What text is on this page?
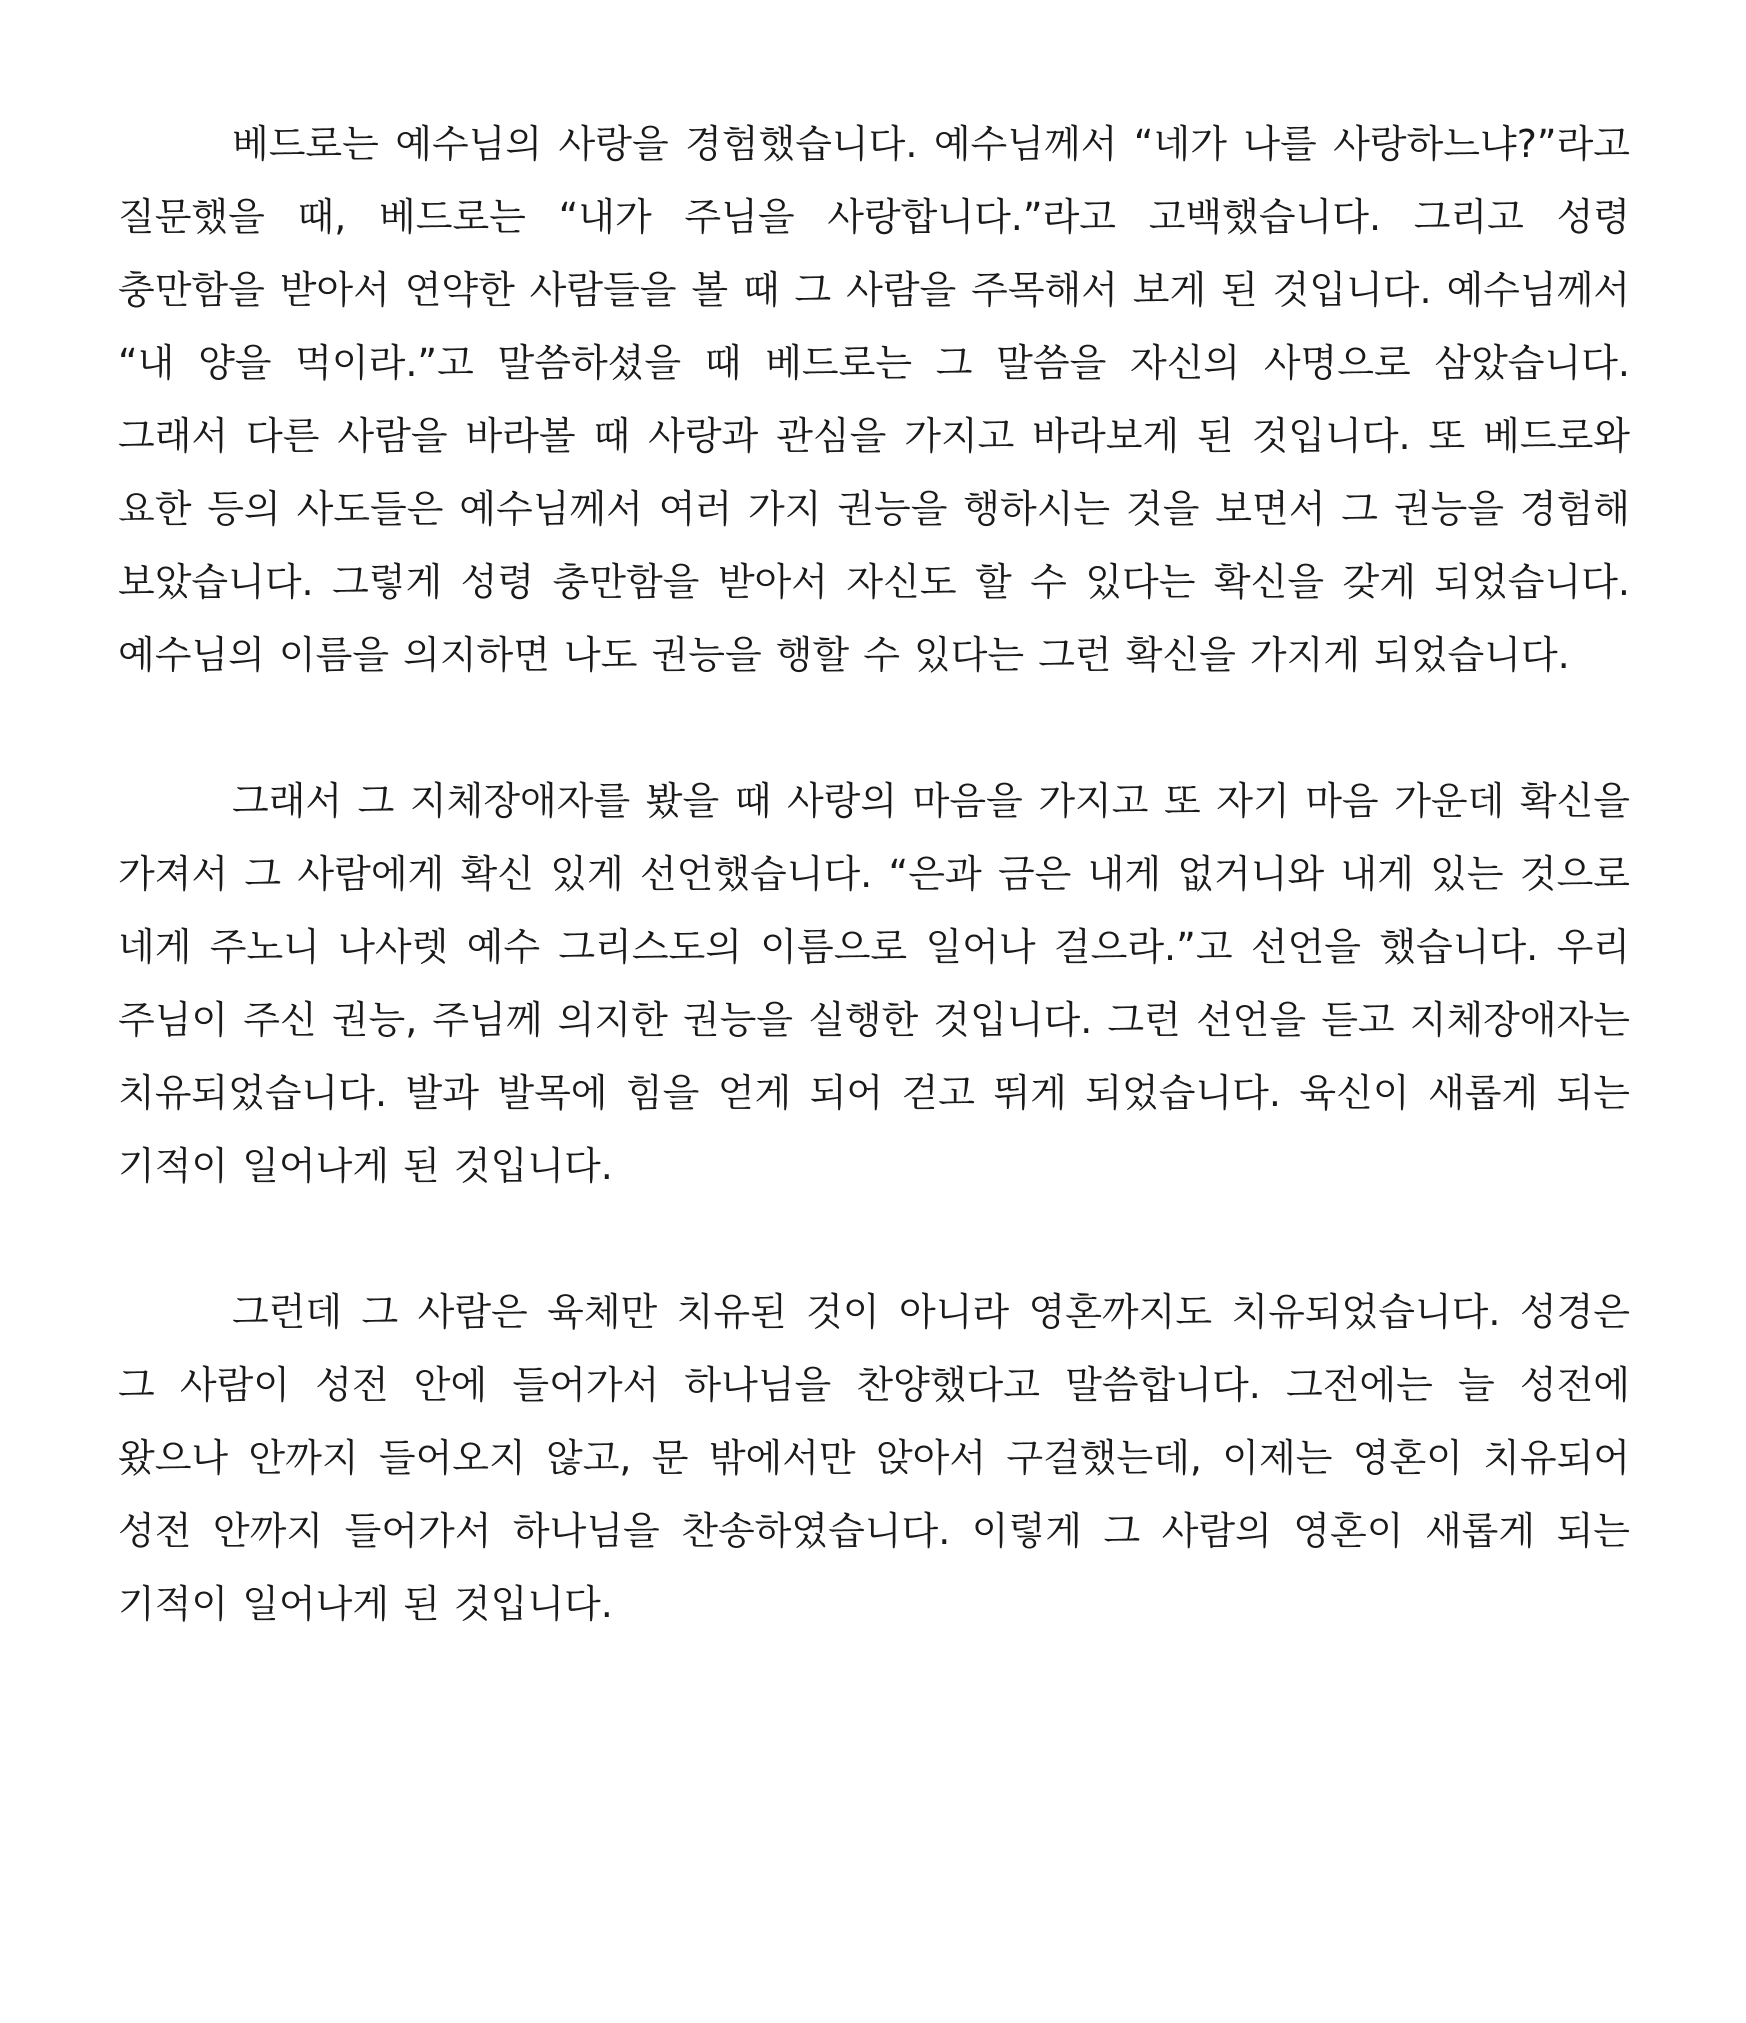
베드로는 예수님의 사랑을 경험했습니다. 예수님께서 “네가 나를 사랑하느냐?”라고 질문했을 때, 베드로는 “내가 주님을 사랑합니다.”라고 고백했습니다. 그리고 성령 충만함을 받아서 연약한 사람들을 볼 때 그 사람을 주목해서 보게 된 것입니다. 예수님께서 “내 양을 먹이라.”고 말씀하셨을 때 베드로는 그 말씀을 자신의 사명으로 삼았습니다. 그래서 다른 사람을 바라볼 때 사랑과 관심을 가지고 바라보게 된 것입니다. 또 베드로와 요한 등의 사도들은 예수님께서 여러 가지 권능을 행하시는 것을 보면서 그 권능을 경험해 보았습니다. 그렇게 성령 충만함을 받아서 자신도 할 수 있다는 확신을 갖게 되었습니다. 예수님의 이름을 의지하면 나도 권능을 행할 수 있다는 그런 확신을 가지게 되었습니다.

그래서 그 지체장애자를 봤을 때 사랑의 마음을 가지고 또 자기 마음 가운데 확신을 가져서 그 사람에게 확신 있게 선언했습니다. “은과 금은 내게 없거니와 내게 있는 것으로 네게 주노니 나사렛 예수 그리스도의 이름으로 일어나 걸으라.”고 선언을 했습니다. 우리 주님이 주신 권능, 주님께 의지한 권능을 실행한 것입니다. 그런 선언을 듣고 지체장애자는 치유되었습니다. 발과 발목에 힘을 얻게 되어 걷고 뛰게 되었습니다. 육신이 새롭게 되는 기적이 일어나게 된 것입니다.

그런데 그 사람은 육체만 치유된 것이 아니라 영혼까지도 치유되었습니다. 성경은 그 사람이 성전 안에 들어가서 하나님을 찬양했다고 말씀합니다. 그전에는 늘 성전에 왔으나 안까지 들어오지 않고, 문 밖에서만 앉아서 구걸했는데, 이제는 영혼이 치유되어 성전 안까지 들어가서 하나님을 찬송하였습니다. 이렇게 그 사람의 영혼이 새롭게 되는 기적이 일어나게 된 것입니다.
